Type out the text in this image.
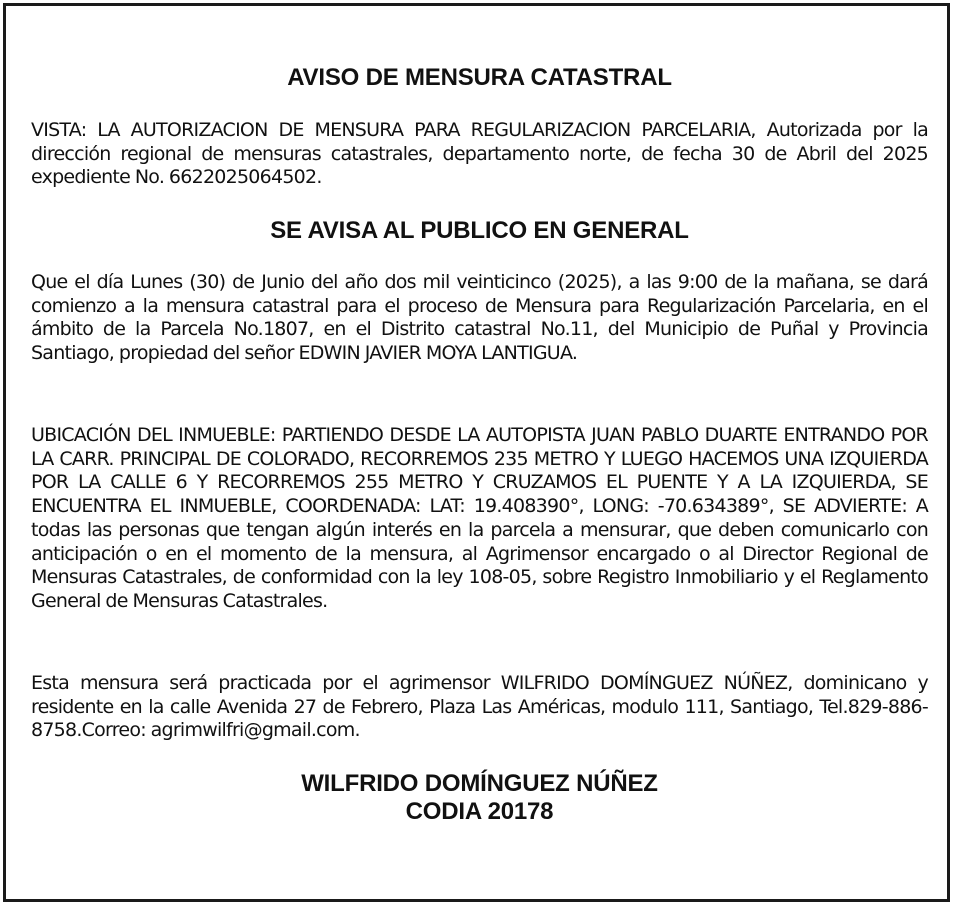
AVISO DE MENSURA CATASTRAL

VISTA: LA AUTORIZACION DE MENSURA PARA REGULARIZACION PARCELARIA, Autorizada por la dirección regional de mensuras catastrales, departamento norte, de fecha 30 de Abril del 2025 expediente No. 6622025064502.

SE AVISA AL PUBLICO EN GENERAL

Que el día Lunes (30) de Junio del año dos mil veinticinco (2025), a las 9:00 de la mañana, se dará comienzo a la mensura catastral para el proceso de Mensura para Regularización Parcelaria, en el ámbito de la Parcela No.1807, en el Distrito catastral No.11, del Municipio de Puñal y Provincia Santiago, propiedad del señor EDWIN JAVIER MOYA LANTIGUA.

UBICACIÓN DEL INMUEBLE: PARTIENDO DESDE LA AUTOPISTA JUAN PABLO DUARTE ENTRANDO POR LA CARR. PRINCIPAL DE COLORADO, RECORREMOS 235 METRO Y LUEGO HACEMOS UNA IZQUIERDA POR LA CALLE 6 Y RECORREMOS 255 METRO Y CRUZAMOS EL PUENTE Y A LA IZQUIERDA, SE ENCUENTRA EL INMUEBLE, COORDENADA: LAT: 19.408390°, LONG: -70.634389°, SE ADVIERTE: A todas las personas que tengan algún interés en la parcela a mensurar, que deben comunicarlo con anticipación o en el momento de la mensura, al Agrimensor encargado o al Director Regional de Mensuras Catastrales, de conformidad con la ley 108-05, sobre Registro Inmobiliario y el Reglamento General de Mensuras Catastrales.

Esta mensura será practicada por el agrimensor WILFRIDO DOMÍNGUEZ NÚÑEZ, dominicano y residente en la calle Avenida 27 de Febrero, Plaza Las Américas, modulo 111, Santiago, Tel.829-886-8758.Correo: agrimwilfri@gmail.com.

WILFRIDO DOMÍNGUEZ NÚÑEZ
CODIA 20178
